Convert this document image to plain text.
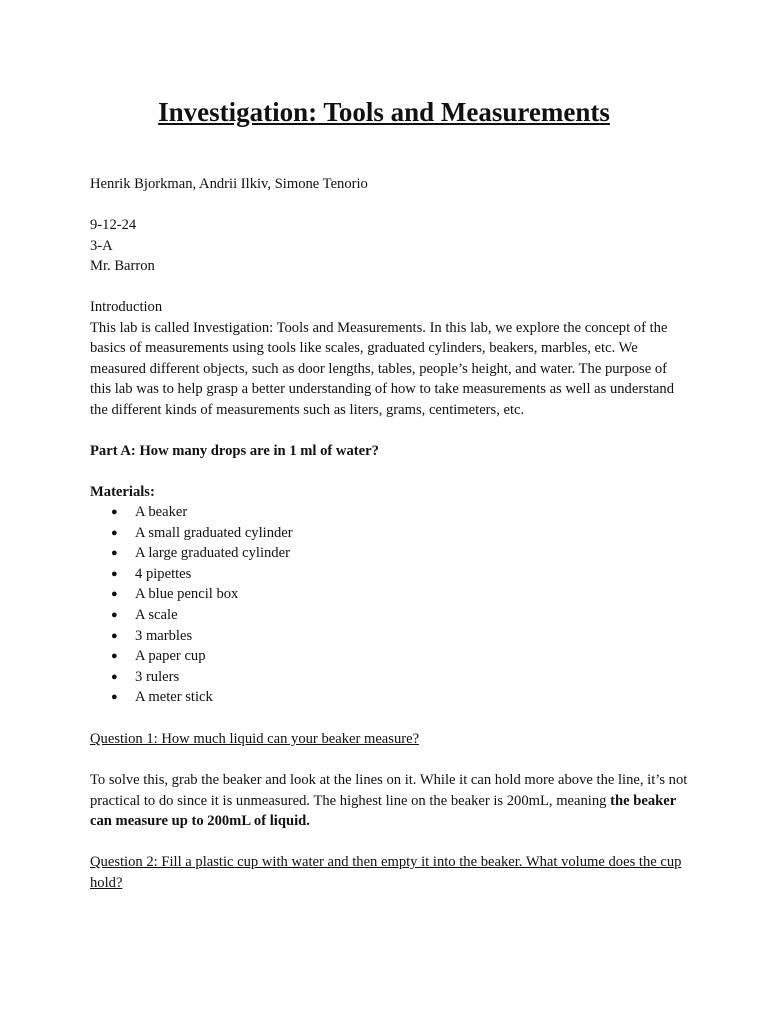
Investigation: Tools and Measurements

Henrik Bjorkman, Andrii Ilkiv, Simone Tenorio

9-12-24

3-A

Mr. Barron

Introduction

This lab is called Investigation: Tools and Measurements. In this lab, we explore the concept of the basics of measurements using tools like scales, graduated cylinders, beakers, marbles, etc. We measured different objects, such as door lengths, tables, people’s height, and water. The purpose of this lab was to help grasp a better understanding of how to take measurements as well as understand the different kinds of measurements such as liters, grams, centimeters, etc.

Part A: How many drops are in 1 ml of water?

Materials:

● A beaker
● A small graduated cylinder
● A large graduated cylinder
● 4 pipettes
● A blue pencil box
● A scale
● 3 marbles
● A paper cup
● 3 rulers
● A meter stick

Question 1: How much liquid can your beaker measure?

To solve this, grab the beaker and look at the lines on it. While it can hold more above the line, it’s not practical to do since it is unmeasured. The highest line on the beaker is 200mL, meaning the beaker can measure up to 200mL of liquid.

Question 2: Fill a plastic cup with water and then empty it into the beaker. What volume does the cup hold?
